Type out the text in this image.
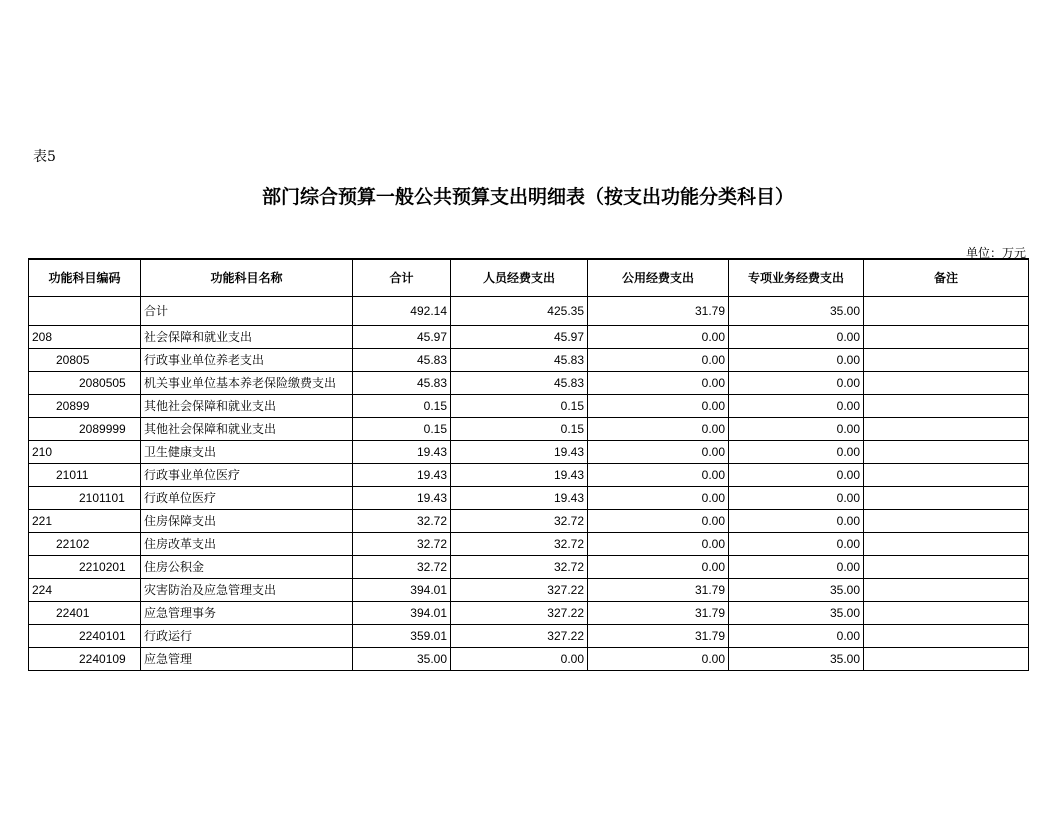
表5
部门综合预算一般公共预算支出明细表（按支出功能分类科目）
单位：万元
功能科目编码	功能科目名称	合计	人员经费支出	公用经费支出	专项业务经费支出	备注
	合计	492.14	425.35	31.79	35.00	
208	社会保障和就业支出	45.97	45.97	0.00	0.00	
20805	行政事业单位养老支出	45.83	45.83	0.00	0.00	
2080505	机关事业单位基本养老保险缴费支出	45.83	45.83	0.00	0.00	
20899	其他社会保障和就业支出	0.15	0.15	0.00	0.00	
2089999	其他社会保障和就业支出	0.15	0.15	0.00	0.00	
210	卫生健康支出	19.43	19.43	0.00	0.00	
21011	行政事业单位医疗	19.43	19.43	0.00	0.00	
2101101	行政单位医疗	19.43	19.43	0.00	0.00	
221	住房保障支出	32.72	32.72	0.00	0.00	
22102	住房改革支出	32.72	32.72	0.00	0.00	
2210201	住房公积金	32.72	32.72	0.00	0.00	
224	灾害防治及应急管理支出	394.01	327.22	31.79	35.00	
22401	应急管理事务	394.01	327.22	31.79	35.00	
2240101	行政运行	359.01	327.22	31.79	0.00	
2240109	应急管理	35.00	0.00	0.00	35.00	
